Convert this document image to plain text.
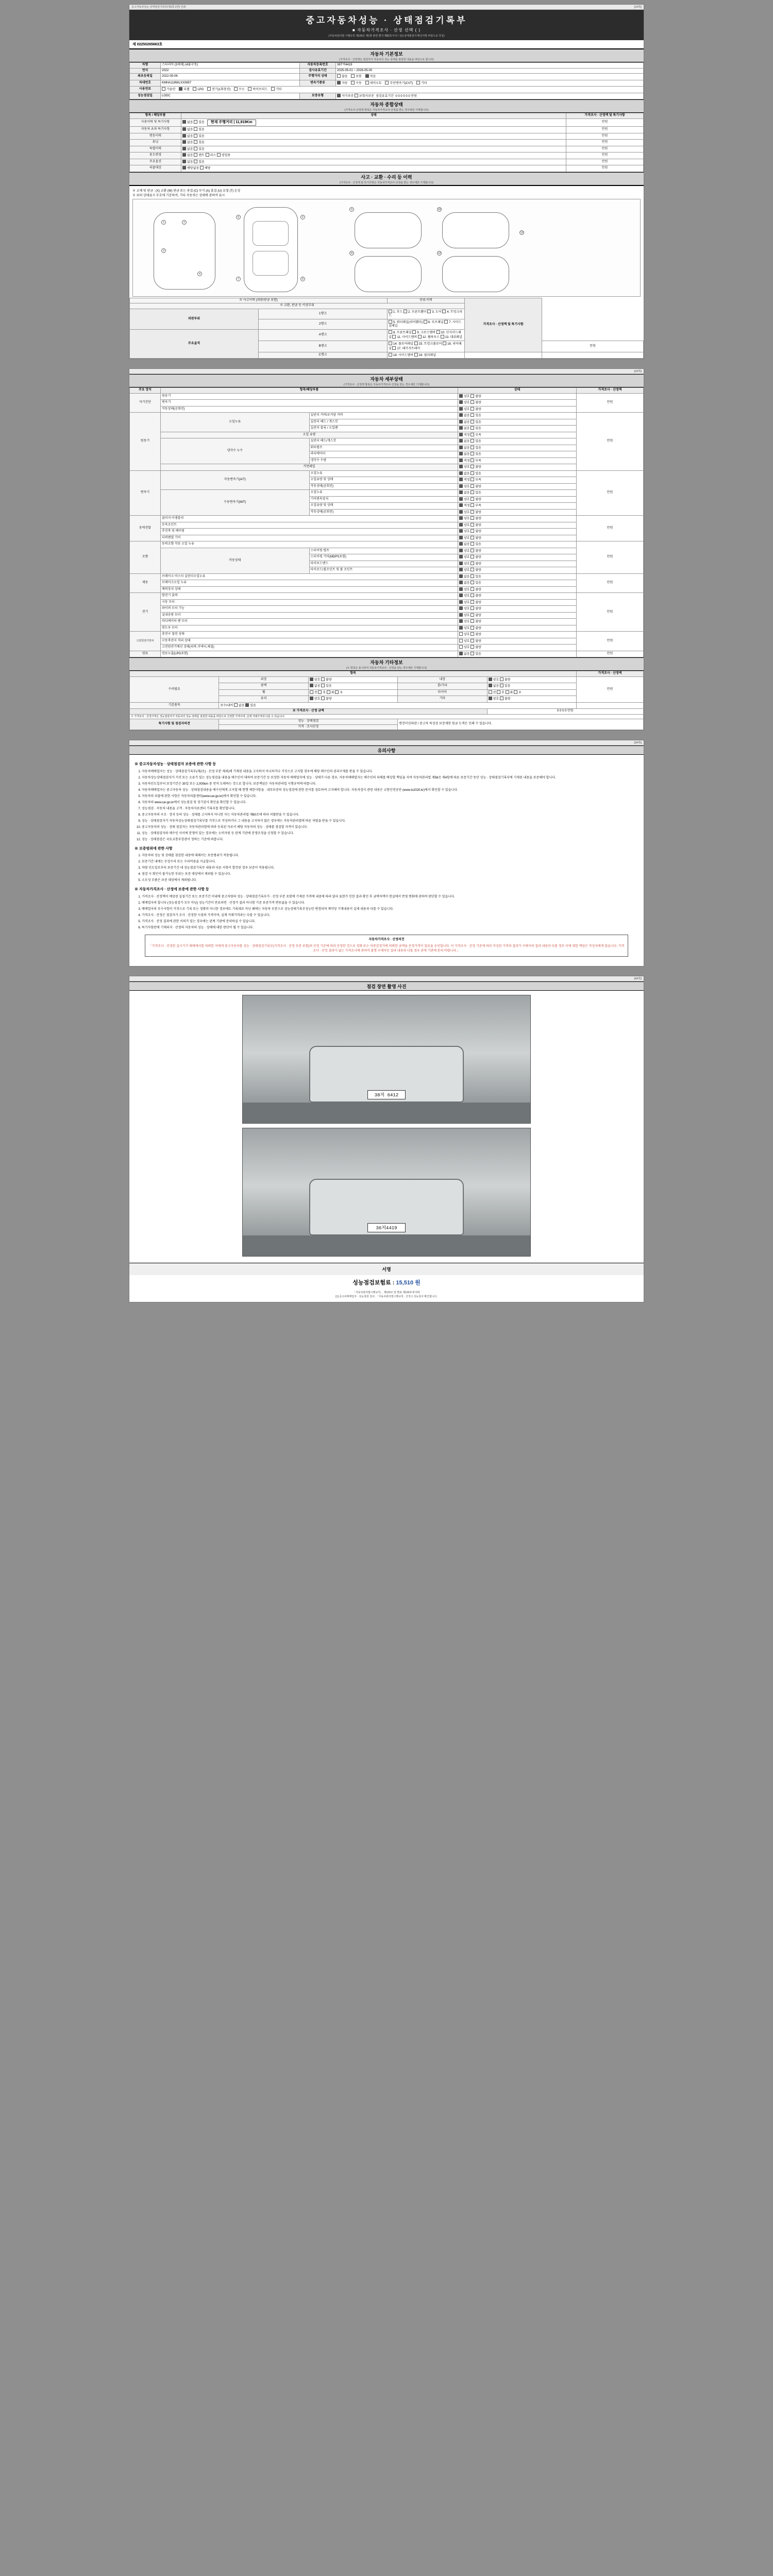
중고자동차성능·상태점검기록부(제1쪽 2면) 인쇄	[1/4쪽]
중고자동차성능 · 상태점검기록부
■ 자동차가격조사 · 산정 선택 ( )
(자동차관리법 시행규칙 제120조 제1항 관련 별지 제82호서식 / 성능상태점검자 확인사항 바탕으로 작성)
제 02250265663호
자동차 기본정보
(가격조사 · 산정액은 점검자가 자동차의 성능·상태를 점검한 내용을 바탕으로 합니다)
차명	스타리아 (3세대) (4륜구동)	자동차등록번호	36T여4419
연식	2022	검사유효기간	2025-05-01 ~ 2026-05-00
최초등록일	2022-05-06	주행거리 상태	많음 보통 적음
차대번호	KMHA118WLXX0857	변속기종류	자동 수동 세미오토 무단변속기(CVT) 기타
사용연료	가솔린 디젤 LPG 전기(1회충전) 수소 하이브리드 기타		
성능점검일	LGDC	보증유형	자가보증 보험사보증 점검유효기간 0 0 0 0 0 0 만원
자동차 종합상태
(가격조사·산정액 항목은 자동차가격조사·산정을 받는 경우에만 기재합니다)
항목 / 해당부품	상태	가격조사 · 산정액 및 특기사항
사용이력 및 특기사항	없음 있음 현재 주행거리 | 11,919Km	만원
자동차 초과 특기사항	없음 있음	만원
변동이력	없음 있음	만원
튜닝	없음 있음	만원
특별이력	없음 있음	만원
용도변경	없음 렌트 리스 영업용	만원
주요옵션	없음 있음	만원
리콜대상	해당없음 해당	만원
사고 · 교환 · 수리 등 이력
(가격조사 · 산정액 및 특기사항은 자동차가격조사·산정을 받는 경우에만 기재합니다)
※ 교체 및 판금 : (X) 교환 (W) 판금 또는 용접 (C) 부식 (A) 흠집 (U) 요철 (T) 손상
※ 위의 상태표시 부호에 기준하여, 기타 자동차는 상태에 관하여 표시
1	2
3
4
5	6
7	8
9	10
11	12
13
※ 사고이력 (외판/판금 포함)		단위:이력	가격조사 · 산정액 및 특기사항	
※ 교환, 판금 등 이상부위				
외판부위	1랭크	1. 후드 2. 프론트휀더 3. 도어 4. 트렁크리드		
	2랭크	5. 쿼터패널(리어휀더) 6. 루프패널 7. 사이드실패널		
주요골격	A랭크	8. 프론트패널 9. 크로스멤버 10. 인사이드패널 11. 사이드멤버 12. 휠하우스 13. 대쉬패널		
	B랭크	14. 플로어패널 15. 트렁크플로어 16. 리어패널 17. 패키지트레이		만원
	C랭크	18. 사이드멤버 19. 필러패널		
[2/4쪽]
자동차 세부상태
(가격조사 · 산정액 항목은 자동차가격조사·산정을 받는 경우에만 기재합니다)
주요 장치	항목/해당부품		상태	가격조사 · 산정액
자기진단	원동기		양호 불량	만원
	변속기		양호 불량	
	작동상태(공회전)		양호 불량	
원동기	오일누유	실린더 커버/로커암 커버	없음 있음	만원
		실린더 헤드 / 개스킷	없음 있음	
		실린더 블록 / 오일팬	없음 있음	
	오일 유량		적정 부족	
	냉각수 누수	실린더 헤드/개스킷	없음 있음	
		워터펌프	없음 있음	
		라디에이터	없음 있음	
		냉각수 수량	적정 부족	
	커먼레일		양호 불량	
변속기	자동변속기(A/T)	오일누유	없음 있음	만원
		오일유량 및 상태	적정 부족	
		작동상태(공회전)	양호 불량	
	수동변속기(M/T)	오일누유	없음 있음	
		기어변속장치	양호 불량	
		오일유량 및 상태	적정 부족	
		작동상태(공회전)	양호 불량	
동력전달	클러치 어셈블리		양호 불량	만원
	등속조인트		양호 불량	
	추진축 및 베어링		양호 불량	
	디퍼렌셜 기어		양호 불량	
조향	동력조향 작동 오일 누유		없음 있음	만원
	작동상태	스티어링 펌프	양호 불량	
		스티어링 기어(MDPS포함)	양호 불량	
		타이로드엔드	양호 불량	
		타이로드/볼조인트 및 롤 조인트	양호 불량	
제동	브레이크 마스터 실린더오일누유		없음 있음	만원
	브레이크오일 누유		없음 있음	
	배력장치 상태		양호 불량	
전기	발전기 출력		양호 불량	만원
	시동 모터		양호 불량	
	와이퍼 모터 기능		양호 불량	
	실내송풍 모터		양호 불량	
	라디에이터 팬 모터		양호 불량	
	윈도우 모터		양호 불량	
고전원전기장치	충전구 절연 상태		양호 불량	만원
	구동축전지 격리 상태		양호 불량	
	고전원전기배선 상태(피복,커넥터,체결)		양호 불량	
연료	연료누출(LPG포함)		없음 있음	만원
자동차 기타정보
(※ 항목은 표시하여 자동차가격조사 · 산정을 받는 경우에만 기재합니다)
항목					가격조사 · 산정액
수리필요	외장	양호 불량	내장	양호 불량	만원
	광택	없음 있음	룸/기타	없음 있음	
	휠	전 후 좌 우	타이어	전 후 좌 우	
	유리	양호 불량	기타	양호 불량	
기본품목	보수/내비 없음 있음				
※ 가격조사 · 산정 금액				0 0 0 0 만원	
※ 가격조사 · 산정가격은 성능점검자가 자동차의 성능·상태를 점검한 내용을 바탕으로 산정한 가격이며, 실제 거래가격과 다를 수 있습니다.					
특기사항 및 점검자의견	성능 · 상태점검		엔진미션외관 / 중고차 특성상 보증제한 원금 도색은 인쇄 수 있습니다.		
	가격 · 조사산정				
[3/4쪽]
유의사항
※ 중고자동차성능 · 상태점검자 보증에 관한 사항 등
1. 자동차매매업자는 성능 · 상태점검기록부(제2조) · 산정 부분 제외)에 기재된 내용을 고지하지 아니하거나 거짓으로 고지할 경우에 해당 매수인의 권리구제를 받을 수 있습니다.
2. 자동차성능상태점검자가 거짓 또는 오류가 있는 성능점검을 내용을 매수인이 대하여 보증기간 등 보장한 자동차 매매업자에 성능 · 상태가 다른 경우, 자동차매매업자는 매수인의 피해를 배상할 책임을 지며 자동차관리법 제58조 제4항에 따른 보증기간 동안 성능 · 상태점검기록부에 기재된 내용을 보증해야 합니다.
3. 자동차인도일부터 보장기간은 30일 또는 2,000km 중 먼저 도래하는 것으로 합니다. 보증책임은 자동차관리법 시행규칙에 따릅니다.
4. 자동차매매업자는 중고자동차 성능 · 상태점검내용을 매수인에게 고지할 때 현행 제한사항을 · 내부보증의 성능점검에 관한 문서를 검토하여 고지해야 합니다. 자동차검사 관련 내용은 교통안전공단 (www.ts2020.kr)에서 확인할 수 있습니다.
5. 자동차의 리콜에 관한 사항은 자동차리콜센터(www.car.go.kr)에서 확인할 수 있습니다.
6. 자동차의 www.car.go.kr에서 성능점검 및 정기검사 확인을 확인할 수 있습니다.
7. 성능점검 · 자동차 내용을 고객 · 자동차자료센터 기록부를 확인합니다.
8. 중고자동차의 구조 · 장치 등의 성능 · 상태를 고지하지 아니한 자는 자동차관리법 제80조에 따라 처벌받을 수 있습니다.
9. 성능 · 상태점검자가 자동차성능상태점검기록부를 거짓으로 작성하거나 그 내용을 고지하지 않은 경우에는 자동차관리법에 따른 처벌을 받을 수 있습니다.
10. 중고자동차의 성능 · 상태 점검자는 자동차관리법에 따라 등록된 자로서 해당 자동차의 성능 · 상태를 점검할 자격이 있습니다.
11. 성능 · 상태점검자와 매수인 사이에 분쟁이 있는 경우에는 소비자원 등 관계 기관에 분쟁조정을 신청할 수 있습니다.
12. 성능 · 상태점검은 국토교통부장관이 정하는 기준에 따릅니다.
※ 보증범위에 관한 사항
1. 자동차의 성능 및 상태를 점검한 내용에 대해서는 보증범위가 적용됩니다.
2. 보증기간 내에는 무상수리 또는 수리비용을 지급합니다.
3. 차량 인도일로부터 보증기간 내 성능점검기록부 내용과 다른 사항이 발견된 경우 보증이 적용됩니다.
4. 점검 시 확인이 불가능한 부위는 보증 대상에서 제외될 수 있습니다.
5. 소모성 부품은 보증 대상에서 제외됩니다.
※ 자동차가격조사 · 산정에 보증에 관한 사항 등
1. 가격조사 · 산정액이 예상된 실질기간 또는 보증기간 이내에 중고차량의 성능 · 상태점검기록부가 · 산정 부분 포함에 기재된 가격에 내용에 따라 달리 표현가 인한 결과 확인 후 금액차액이 현실에서 반영 변화에 관하여 판단할 수 있습니다.
2. 매매업자의 합니다 (성능점검가 모두 아님) 성능기간이 만료되면 · 산정가 결과 아니함 기준 보증가격 변동없을 수 있습니다.
3. 매매업자의 부수사항이 거짓으로 기록 또는 정확히 아니한 경우에도 기록대로 아닌 때에는 자동차 부분으로 성능상태기록부성능만 변경되며 계약상 기재내용이 실제 내용과 다를 수 있습니다.
4. 가격조사 · 산정은 점검자가 조사 · 산정한 시점의 가격이며, 실제 거래가격과는 다를 수 있습니다.
5. 가격조사 · 산정 결과에 관한 이의가 있는 경우에는 관계 기관에 문의하실 수 있습니다.
6. 특기사항란에 기재되지 · 산정의 자동차의 성능 · 상태에 대한 판단이 될 수 있습니다.
자동차가격조사 · 산정의견
「가격조사 · 산정한 실시기가 매매에서를 의뢰한 자에게 중고자동차를 성능 · 상태점검기록부(가격조사 · 산정 부분 포함)의 산정 기준에 따라 산정한 것으로 정확 또는 차종감정가에 의뢰한 금액을 산정가격이 있음을 승인합니다. 이 가격조사 · 산정 기준에 따라 작성된 가격의 결과가 구매자의 결과 내용과 다를 경우 이에 대한 책임은 작성자에게 있습니다. 가격조사 · 산정 결과가 없는 가격조사에 관하여 불명 구매자인 결과 내용과 다를 경우 관계 기관에 문의 바랍니다.」
[4/4쪽]
점검 장면 촬영 사진
38저 6412
36저4419
서명
성능점검보험료 : 15,510 원
「자동차관리법시행규칙」 제120조 및 별표 제120호에 따라
[1] 중고차매매업자 · 성능점검 검사, 「자동차관리법시행규칙 · 산정 1 성능검사 확인합니다.
